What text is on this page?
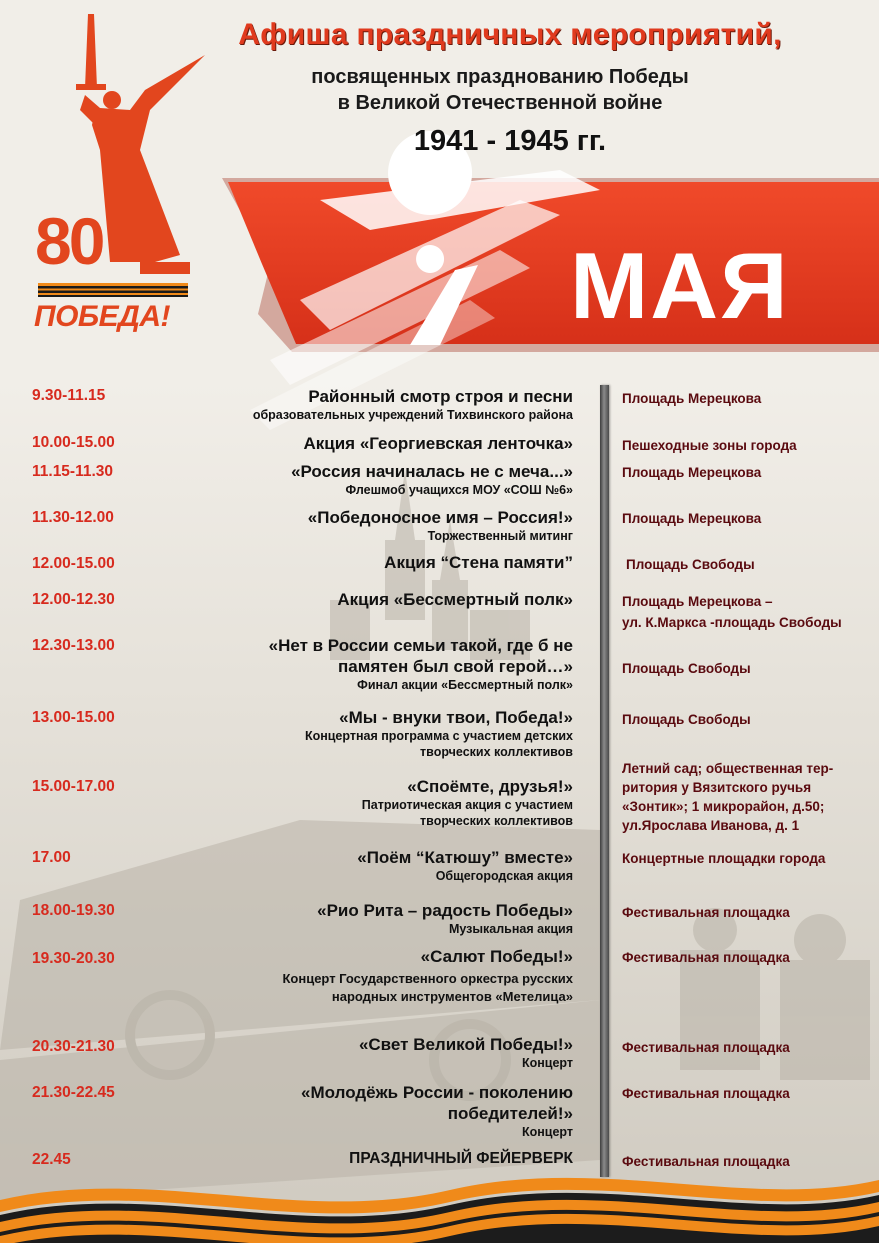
80
ПОБЕДА!
Афиша праздничных мероприятий,
посвященных празднованию Победы
в Великой Отечественной войне
1941 - 1945 гг.
МАЯ
9.30-11.15	Районный смотр строя и песни
образовательных учреждений Тихвинского района
Площадь Мерецкова
10.00-15.00	Акция «Георгиевская ленточка»	Пешеходные зоны города
11.15-11.30	«Россия начиналась не с меча...»
Флешмоб учащихся МОУ «СОШ №6»
Площадь Мерецкова
11.30-12.00	«Победоносное имя – Россия!»
Торжественный митинг
Площадь Мерецкова
12.00-15.00	Акция “Стена памяти”	Площадь Свободы
12.00-12.30	Акция «Бессмертный полк»	Площадь Мерецкова –
ул. К.Маркса -площадь Свободы
12.30-13.00	«Нет в России семьи такой, где б не
памятен был свой герой…»
Финал акции «Бессмертный полк»
Площадь Свободы
13.00-15.00	«Мы - внуки твои, Победа!»
Концертная программа с участием детских
творческих коллективов
Площадь Свободы
15.00-17.00	«Споёмте, друзья!»
Патриотическая акция с участием
творческих коллективов
Летний сад; общественная тер-
ритория у Вязитского ручья
«Зонтик»; 1 микрорайон, д.50;
ул.Ярослава Иванова, д. 1
17.00	«Поём “Катюшу” вместе»
Общегородская акция
Концертные площадки города
18.00-19.30	«Рио Рита – радость Победы»
Музыкальная акция
Фестивальная площадка
19.30-20.30	«Салют Победы!»
Концерт Государственного оркестра русских
народных инструментов «Метелица»
Фестивальная площадка
20.30-21.30	«Свет Великой Победы!»
Концерт
Фестивальная площадка
21.30-22.45	«Молодёжь России - поколению
победителей!»
Концерт
Фестивальная площадка
22.45	ПРАЗДНИЧНЫЙ ФЕЙЕРВЕРК	Фестивальная площадка
